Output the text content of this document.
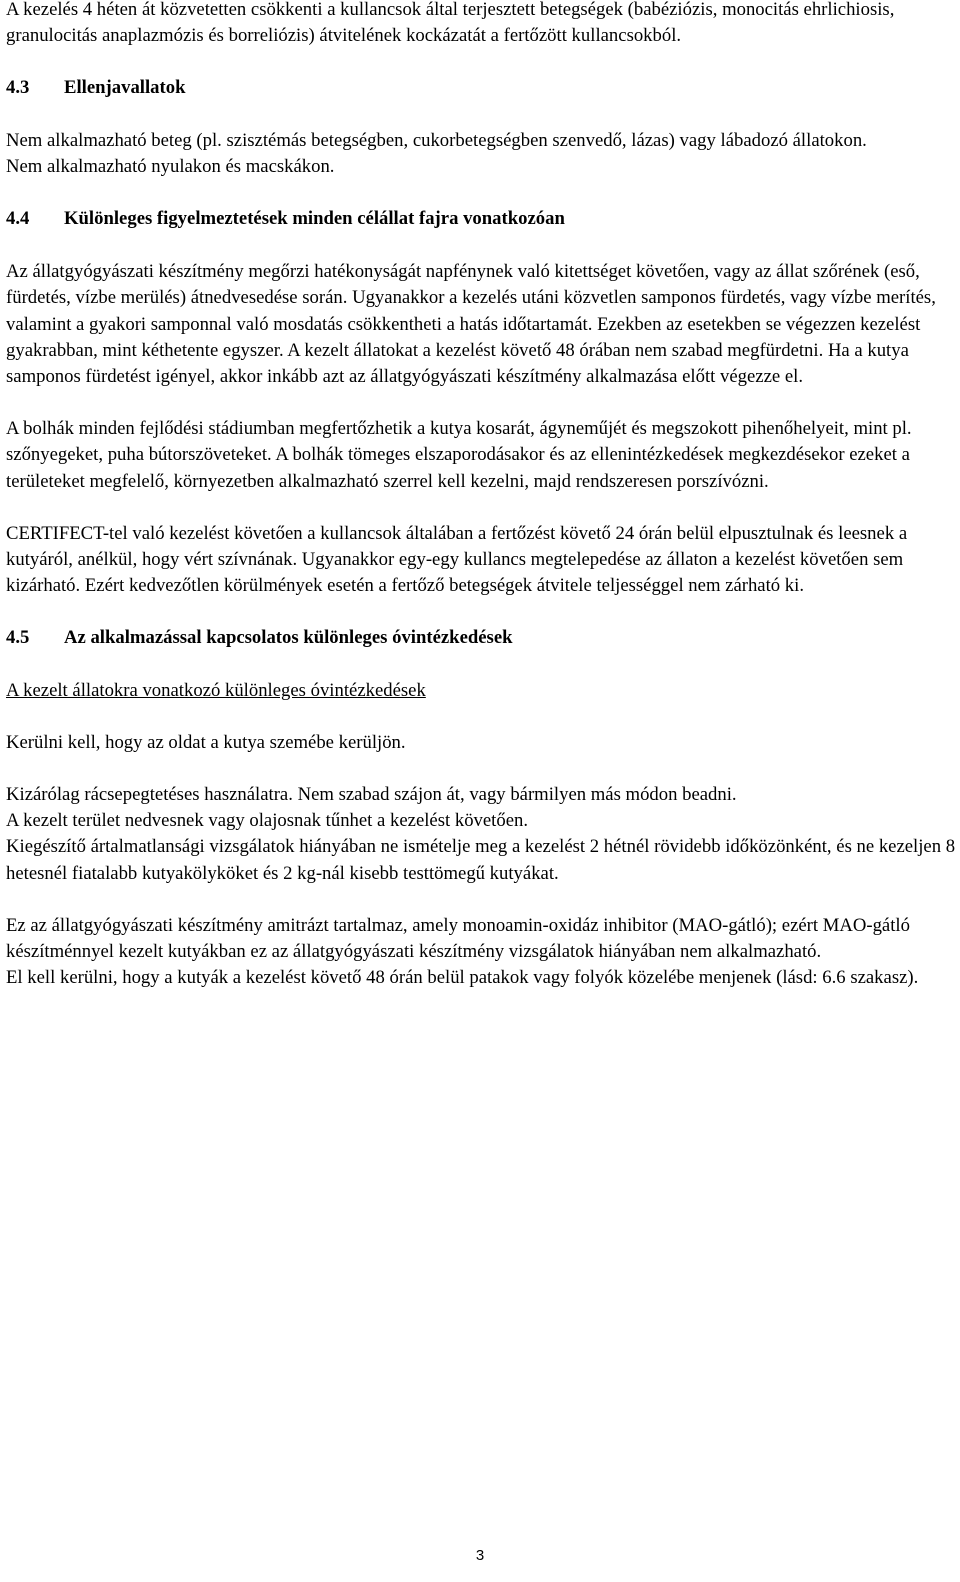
A kezelés 4 héten át közvetetten csökkenti a kullancsok által terjesztett betegségek (babéziózis, monocitás ehrlichiosis, granulocitás anaplazmózis és borreliózis) átvitelének kockázatát a fertőzött kullancsokból.

4.3 Ellenjavallatok

Nem alkalmazható beteg (pl. szisztémás betegségben, cukorbetegségben szenvedő, lázas) vagy lábadozó állatokon.

Nem alkalmazható nyulakon és macskákon.

4.4 Különleges figyelmeztetések minden célállat fajra vonatkozóan

Az állatgyógyászati készítmény megőrzi hatékonyságát napfénynek való kitettséget követően, vagy az állat szőrének (eső, fürdetés, vízbe merülés) átnedvesedése során. Ugyanakkor a kezelés utáni közvetlen samponos fürdetés, vagy vízbe merítés, valamint a gyakori samponnal való mosdatás csökkentheti a hatás időtartamát. Ezekben az esetekben se végezzen kezelést gyakrabban, mint kéthetente egyszer. A kezelt állatokat a kezelést követő 48 órában nem szabad megfürdetni. Ha a kutya samponos fürdetést igényel, akkor inkább azt az állatgyógyászati készítmény alkalmazása előtt végezze el.

A bolhák minden fejlődési stádiumban megfertőzhetik a kutya kosarát, ágyneműjét és megszokott pihenőhelyeit, mint pl. szőnyegeket, puha bútorszöveteket. A bolhák tömeges elszaporodásakor és az ellenintézkedések megkezdésekor ezeket a területeket megfelelő, környezetben alkalmazható szerrel kell kezelni, majd rendszeresen porszívózni.

CERTIFECT-tel való kezelést követően a kullancsok általában a fertőzést követő 24 órán belül elpusztulnak és leesnek a kutyáról, anélkül, hogy vért szívnának. Ugyanakkor egy-egy kullancs megtelepedése az állaton a kezelést követően sem kizárható. Ezért kedvezőtlen körülmények esetén a fertőző betegségek átvitele teljességgel nem zárható ki.

4.5 Az alkalmazással kapcsolatos különleges óvintézkedések

A kezelt állatokra vonatkozó különleges óvintézkedések

Kerülni kell, hogy az oldat a kutya szemébe kerüljön.

Kizárólag rácsepegtetéses használatra. Nem szabad szájon át, vagy bármilyen más módon beadni.

A kezelt terület nedvesnek vagy olajosnak tűnhet a kezelést követően.

Kiegészítő ártalmatlansági vizsgálatok hiányában ne ismételje meg a kezelést 2 hétnél rövidebb időközönként, és ne kezeljen 8 hetesnél fiatalabb kutyakölyköket és 2 kg-nál kisebb testtömegű kutyákat.

Ez az állatgyógyászati készítmény amitrázt tartalmaz, amely monoamin-oxidáz inhibitor (MAO-gátló); ezért MAO-gátló készítménnyel kezelt kutyákban ez az állatgyógyászati készítmény vizsgálatok hiányában nem alkalmazható.

El kell kerülni, hogy a kutyák a kezelést követő 48 órán belül patakok vagy folyók közelébe menjenek (lásd: 6.6 szakasz).

3
